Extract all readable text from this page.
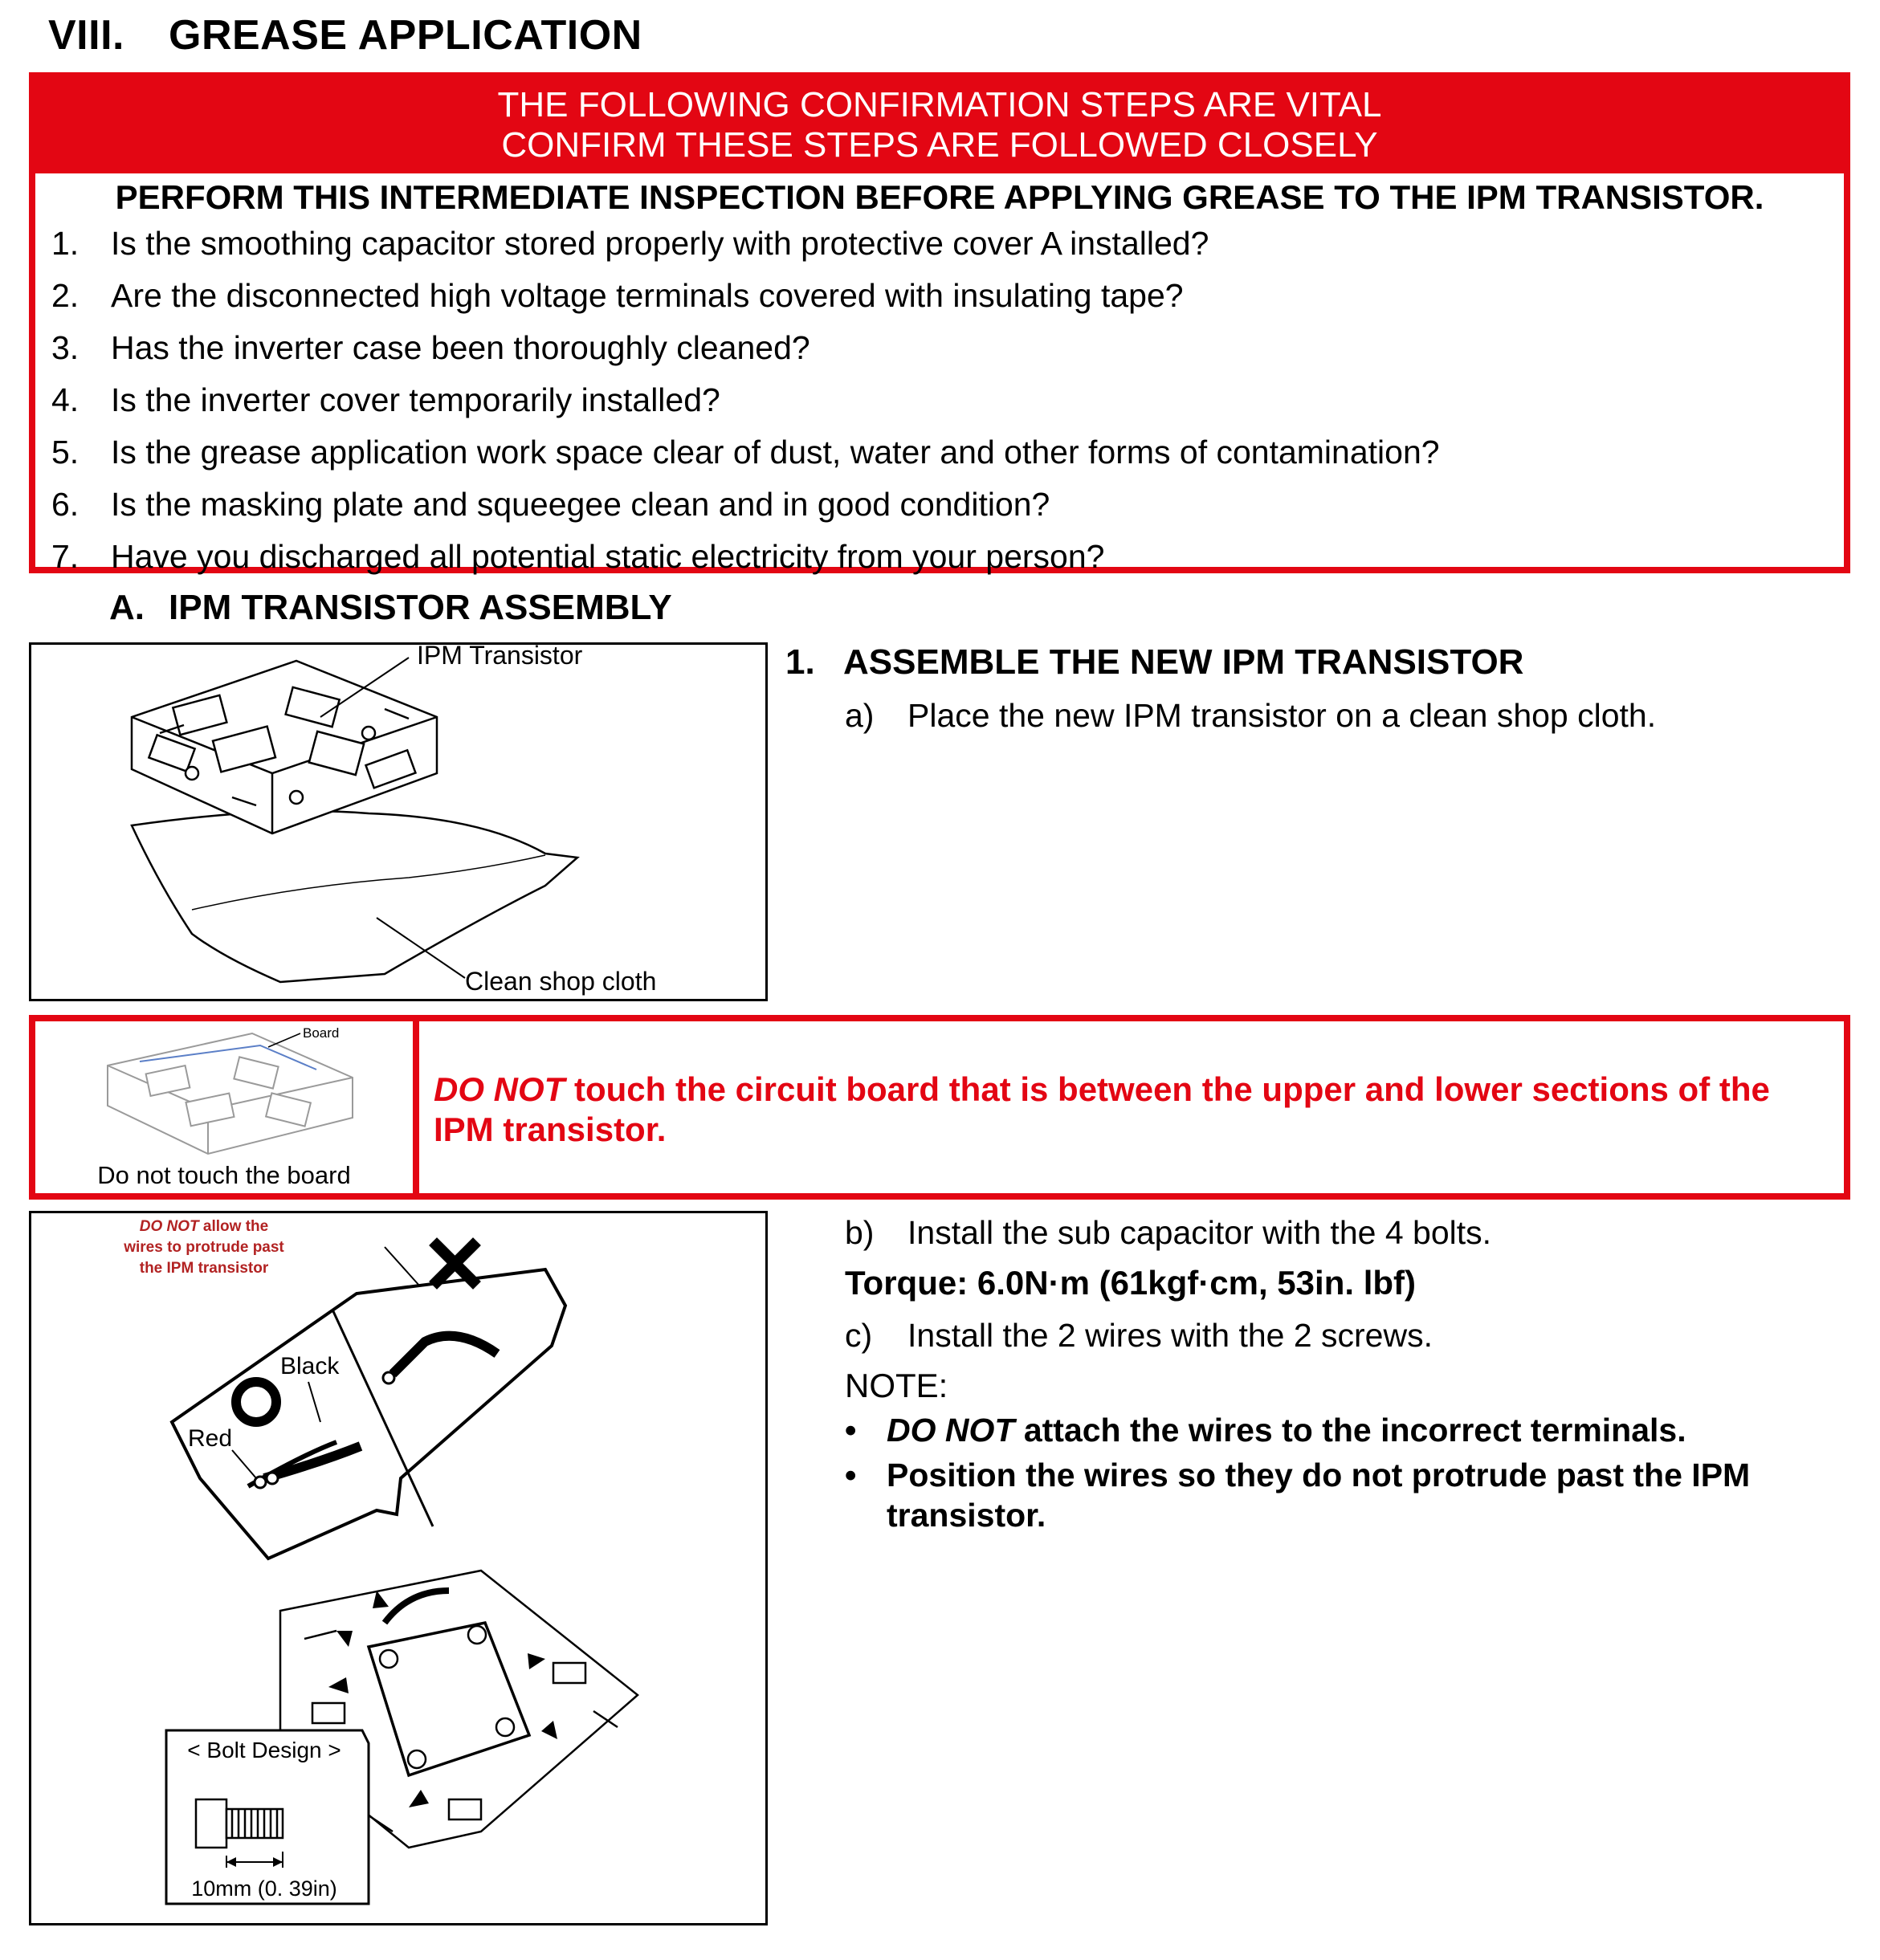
VIII. GREASE APPLICATION
THE FOLLOWING CONFIRMATION STEPS ARE VITAL
CONFIRM THESE STEPS ARE FOLLOWED CLOSELY
PERFORM THIS INTERMEDIATE INSPECTION BEFORE APPLYING GREASE TO THE IPM TRANSISTOR.
1. Is the smoothing capacitor stored properly with protective cover A installed?
2. Are the disconnected high voltage terminals covered with insulating tape?
3. Has the inverter case been thoroughly cleaned?
4. Is the inverter cover temporarily installed?
5. Is the grease application work space clear of dust, water and other forms of contamination?
6. Is the masking plate and squeegee clean and in good condition?
7. Have you discharged all potential static electricity from your person?
A. IPM TRANSISTOR ASSEMBLY
IPM Transistor
Clean shop cloth
1. ASSEMBLE THE NEW IPM TRANSISTOR
a) Place the new IPM transistor on a clean shop cloth.
Board
Do not touch the board
DO NOT touch the circuit board that is between the upper and lower sections of the IPM transistor.
DO NOT allow the
wires to protrude past
the IPM transistor
Black
Red
< Bolt Design >
10mm (0. 39in)
b) Install the sub capacitor with the 4 bolts.
Torque: 6.0N·m (61kgf·cm, 53in. lbf)
c) Install the 2 wires with the 2 screws.
NOTE:
• DO NOT attach the wires to the incorrect terminals.
• Position the wires so they do not protrude past the IPM transistor.
